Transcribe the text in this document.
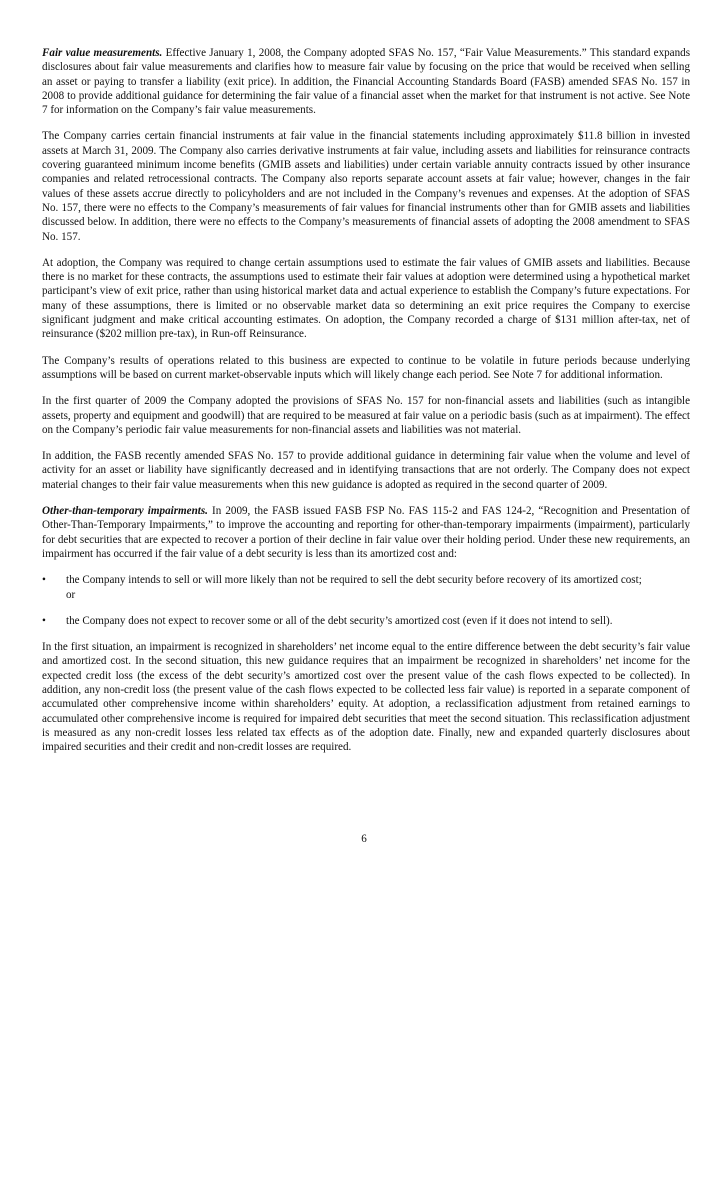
Fair value measurements. Effective January 1, 2008, the Company adopted SFAS No. 157, “Fair Value Measurements.” This standard expands disclosures about fair value measurements and clarifies how to measure fair value by focusing on the price that would be received when selling an asset or paying to transfer a liability (exit price). In addition, the Financial Accounting Standards Board (FASB) amended SFAS No. 157 in 2008 to provide additional guidance for determining the fair value of a financial asset when the market for that instrument is not active. See Note 7 for information on the Company’s fair value measurements.

The Company carries certain financial instruments at fair value in the financial statements including approximately $11.8 billion in invested assets at March 31, 2009. The Company also carries derivative instruments at fair value, including assets and liabilities for reinsurance contracts covering guaranteed minimum income benefits (GMIB assets and liabilities) under certain variable annuity contracts issued by other insurance companies and related retrocessional contracts. The Company also reports separate account assets at fair value; however, changes in the fair values of these assets accrue directly to policyholders and are not included in the Company’s revenues and expenses. At the adoption of SFAS No. 157, there were no effects to the Company’s measurements of fair values for financial instruments other than for GMIB assets and liabilities discussed below. In addition, there were no effects to the Company’s measurements of financial assets of adopting the 2008 amendment to SFAS No. 157.

At adoption, the Company was required to change certain assumptions used to estimate the fair values of GMIB assets and liabilities. Because there is no market for these contracts, the assumptions used to estimate their fair values at adoption were determined using a hypothetical market participant’s view of exit price, rather than using historical market data and actual experience to establish the Company’s future expectations. For many of these assumptions, there is limited or no observable market data so determining an exit price requires the Company to exercise significant judgment and make critical accounting estimates. On adoption, the Company recorded a charge of $131 million after-tax, net of reinsurance ($202 million pre-tax), in Run-off Reinsurance.

The Company’s results of operations related to this business are expected to continue to be volatile in future periods because underlying assumptions will be based on current market-observable inputs which will likely change each period. See Note 7 for additional information.

In the first quarter of 2009 the Company adopted the provisions of SFAS No. 157 for non-financial assets and liabilities (such as intangible assets, property and equipment and goodwill) that are required to be measured at fair value on a periodic basis (such as at impairment). The effect on the Company’s periodic fair value measurements for non-financial assets and liabilities was not material.

In addition, the FASB recently amended SFAS No. 157 to provide additional guidance in determining fair value when the volume and level of activity for an asset or liability have significantly decreased and in identifying transactions that are not orderly. The Company does not expect material changes to their fair value measurements when this new guidance is adopted as required in the second quarter of 2009.

Other-than-temporary impairments. In 2009, the FASB issued FASB FSP No. FAS 115-2 and FAS 124-2, “Recognition and Presentation of Other-Than-Temporary Impairments,” to improve the accounting and reporting for other-than-temporary impairments (impairment), particularly for debt securities that are expected to recover a portion of their decline in fair value over their holding period. Under these new requirements, an impairment has occurred if the fair value of a debt security is less than its amortized cost and:

•	the Company intends to sell or will more likely than not be required to sell the debt security before recovery of its amortized cost; or
•	the Company does not expect to recover some or all of the debt security’s amortized cost (even if it does not intend to sell).

In the first situation, an impairment is recognized in shareholders’ net income equal to the entire difference between the debt security’s fair value and amortized cost. In the second situation, this new guidance requires that an impairment be recognized in shareholders’ net income for the expected credit loss (the excess of the debt security’s amortized cost over the present value of the cash flows expected to be collected). In addition, any non-credit loss (the present value of the cash flows expected to be collected less fair value) is reported in a separate component of accumulated other comprehensive income within shareholders’ equity. At adoption, a reclassification adjustment from retained earnings to accumulated other comprehensive income is required for impaired debt securities that meet the second situation. This reclassification adjustment is measured as any non-credit losses less related tax effects as of the adoption date. Finally, new and expanded quarterly disclosures about impaired securities and their credit and non-credit losses are required.

6
